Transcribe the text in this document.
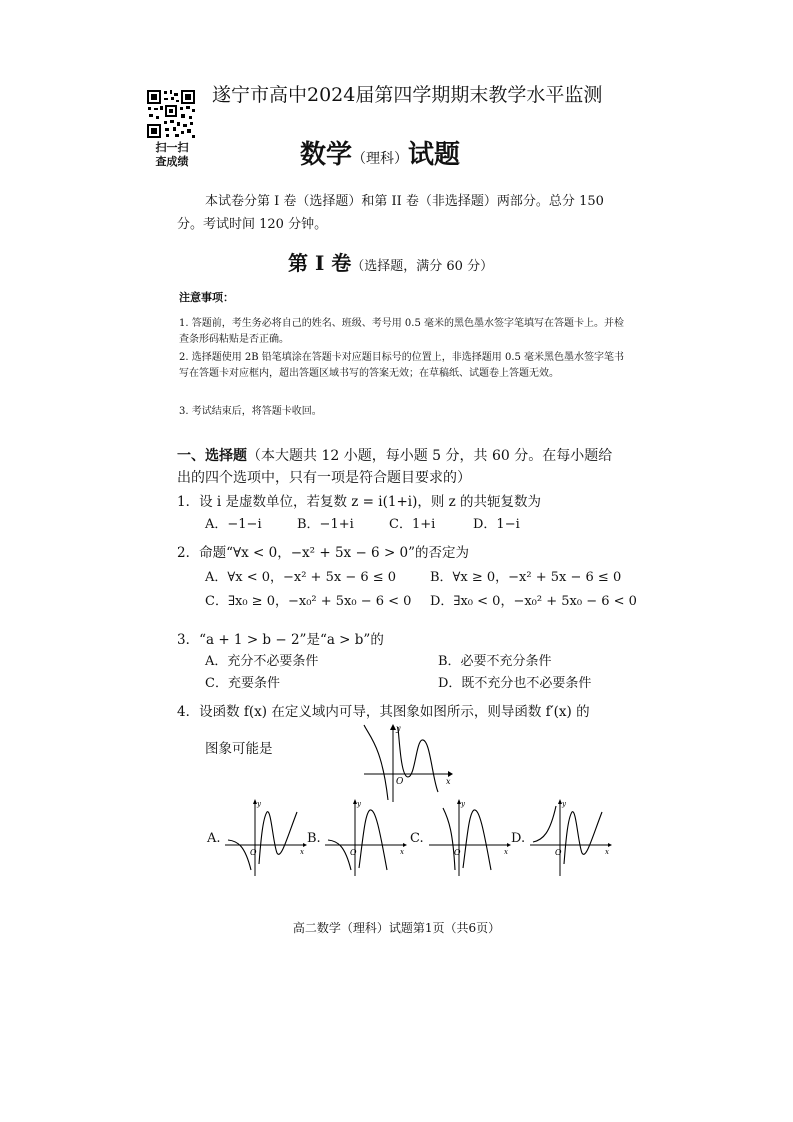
扫一扫
查成绩
遂宁市高中2024届第四学期期末教学水平监测
数学（理科）试题
本试卷分第 I 卷（选择题）和第 II 卷（非选择题）两部分。总分 150 分。考试时间 120 分钟。
第 I 卷（选择题，满分 60 分）
注意事项：
1. 答题前，考生务必将自己的姓名、班级、考号用 0.5 毫米的黑色墨水签字笔填写在答题卡上。并检查条形码粘贴是否正确。
2. 选择题使用 2B 铅笔填涂在答题卡对应题目标号的位置上，非选择题用 0.5 毫米黑色墨水签字笔书写在答题卡对应框内，超出答题区域书写的答案无效；在草稿纸、试题卷上答题无效。
3. 考试结束后，将答题卡收回。
一、选择题（本大题共 12 小题，每小题 5 分，共 60 分。在每小题给出的四个选项中，只有一项是符合题目要求的）
1．设 i 是虚数单位，若复数 z = i(1+i)，则 z 的共轭复数为
A．−1−i	B．−1+i	C．1+i	D．1−i
2．命题“∀x < 0，−x² + 5x − 6 > 0”的否定为
A．∀x < 0，−x² + 5x − 6 ≤ 0	B．∀x ≥ 0，−x² + 5x − 6 ≤ 0
C．∃x₀ ≥ 0，−x₀² + 5x₀ − 6 < 0 D．∃x₀ < 0，−x₀² + 5x₀ − 6 < 0
3．“a + 1 > b − 2”是“a > b”的
A．充分不必要条件	B．必要不充分条件
C．充要条件	D．既不充分也不必要条件
4．设函数 f(x) 在定义域内可导，其图象如图所示，则导函数 f′(x) 的
图象可能是
y
x
O
A.	B.	C.	D.
y
x
O
y
x
O
y
x
O
y
x
O
高二数学（理科）试题第1页（共6页）
